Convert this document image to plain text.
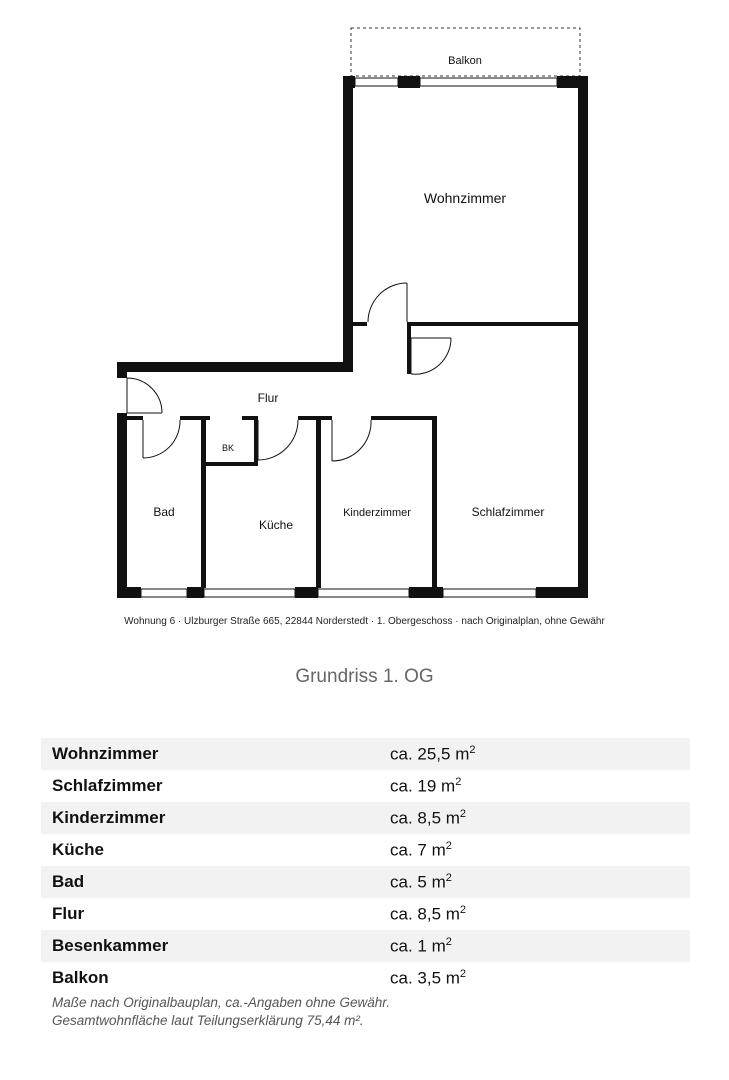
Balkon
Wohnzimmer
Flur
BK
Bad
Küche
Kinderzimmer	Schlafzimmer
Wohnung 6 · Ulzburger Straße 665, 22844 Norderstedt · 1. Obergeschoss · nach Originalplan, ohne Gewähr
Grundriss 1. OG
Wohnzimmer	ca. 25,5 $m^2$
Schlafzimmer	ca. 19 $m^2$
Kinderzimmer	ca. 8,5 $m^2$
Küche	ca. 7 $m^2$
Bad	ca. 5 $m^2$
Flur	ca. 8,5 $m^2$
Besenkammer	ca. 1 $m^2$
Balkon	ca. 3,5 $m^2$
Maße nach Originalbauplan, ca.-Angaben ohne Gewähr.
Gesamtwohnfläche laut Teilungserklärung 75,44 m².
